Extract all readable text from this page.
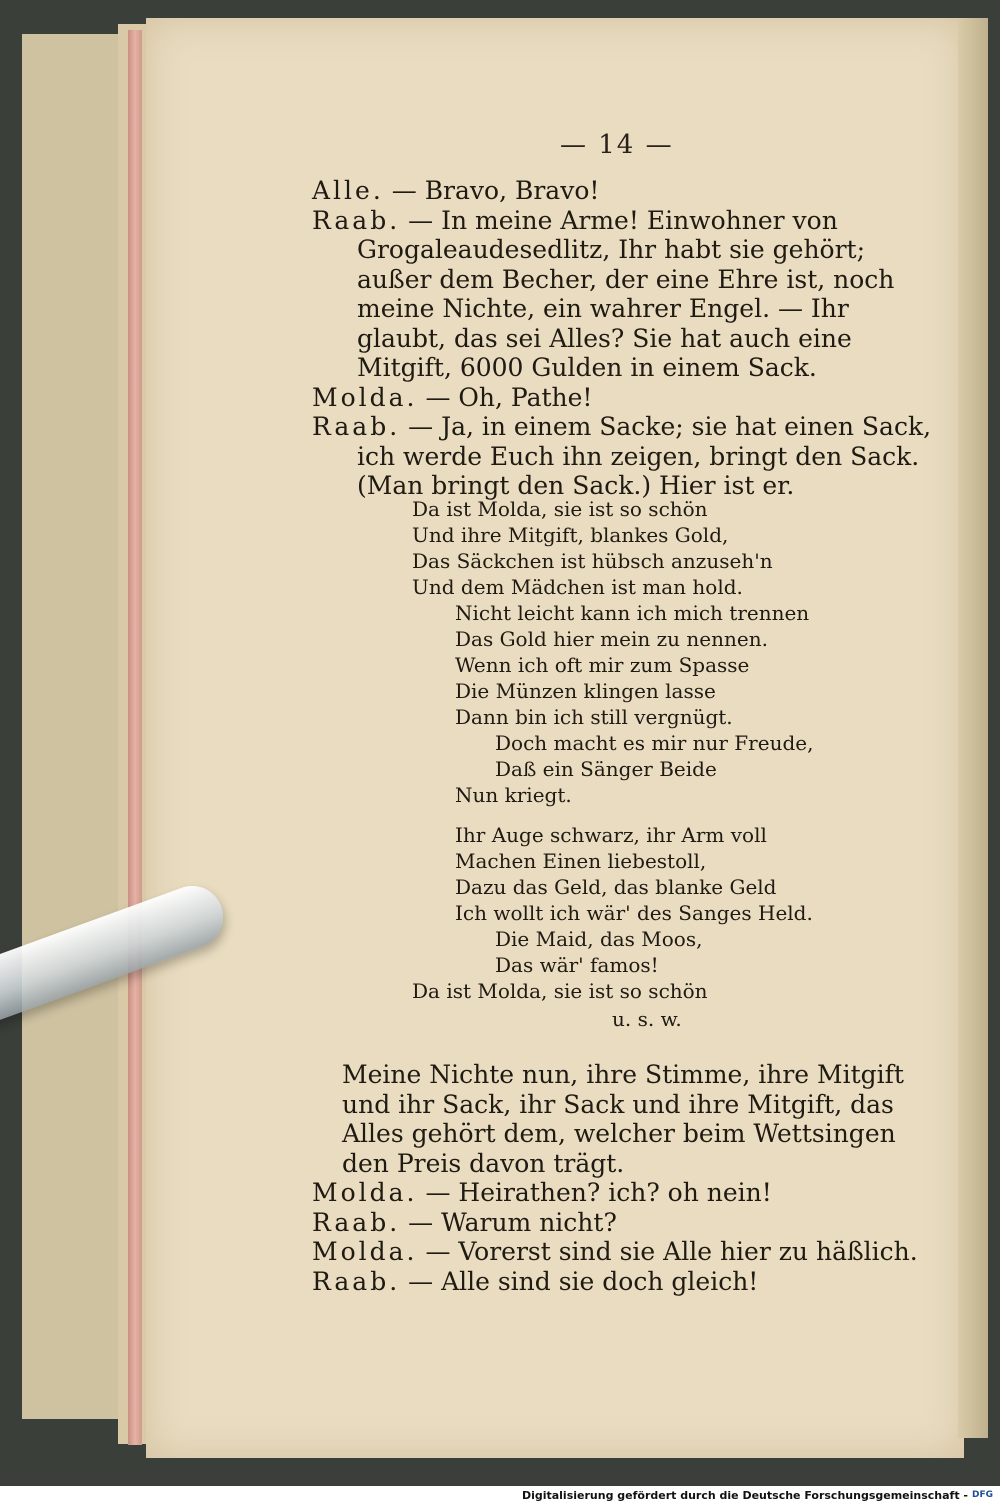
— 14 —

Alle. — Bravo, Bravo!

Raab. — In meine Arme! Einwohner von Grogaleaudesedlitz, Ihr habt sie gehört; außer dem Becher, der eine Ehre ist, noch meine Nichte, ein wahrer Engel. — Ihr glaubt, das sei Alles? Sie hat auch eine Mitgift, 6000 Gulden in einem Sack.

Molda. — Oh, Pathe!

Raab. — Ja, in einem Sacke; sie hat einen Sack, ich werde Euch ihn zeigen, bringt den Sack. (Man bringt den Sack.) Hier ist er.

Da ist Molda, sie ist so schön
Und ihre Mitgift, blankes Gold,
Das Säckchen ist hübsch anzuseh'n
Und dem Mädchen ist man hold.
Nicht leicht kann ich mich trennen
Das Gold hier mein zu nennen.
Wenn ich oft mir zum Spasse
Die Münzen klingen lasse
Dann bin ich still vergnügt.
Doch macht es mir nur Freude,
Daß ein Sänger Beide
Nun kriegt.
Ihr Auge schwarz, ihr Arm voll
Machen Einen liebestoll,
Dazu das Geld, das blanke Geld
Ich wollt ich wär' des Sanges Held.
Die Maid, das Moos,
Das wär' famos!
Da ist Molda, sie ist so schön
u. s. w.

Meine Nichte nun, ihre Stimme, ihre Mitgift und ihr Sack, ihr Sack und ihre Mitgift, das Alles gehört dem, welcher beim Wettsingen den Preis davon trägt.

Molda. — Heirathen? ich? oh nein!

Raab. — Warum nicht?

Molda. — Vorerst sind sie Alle hier zu häßlich.

Raab. — Alle sind sie doch gleich!

Digitalisierung gefördert durch die Deutsche Forschungsgemeinschaft - DFG
